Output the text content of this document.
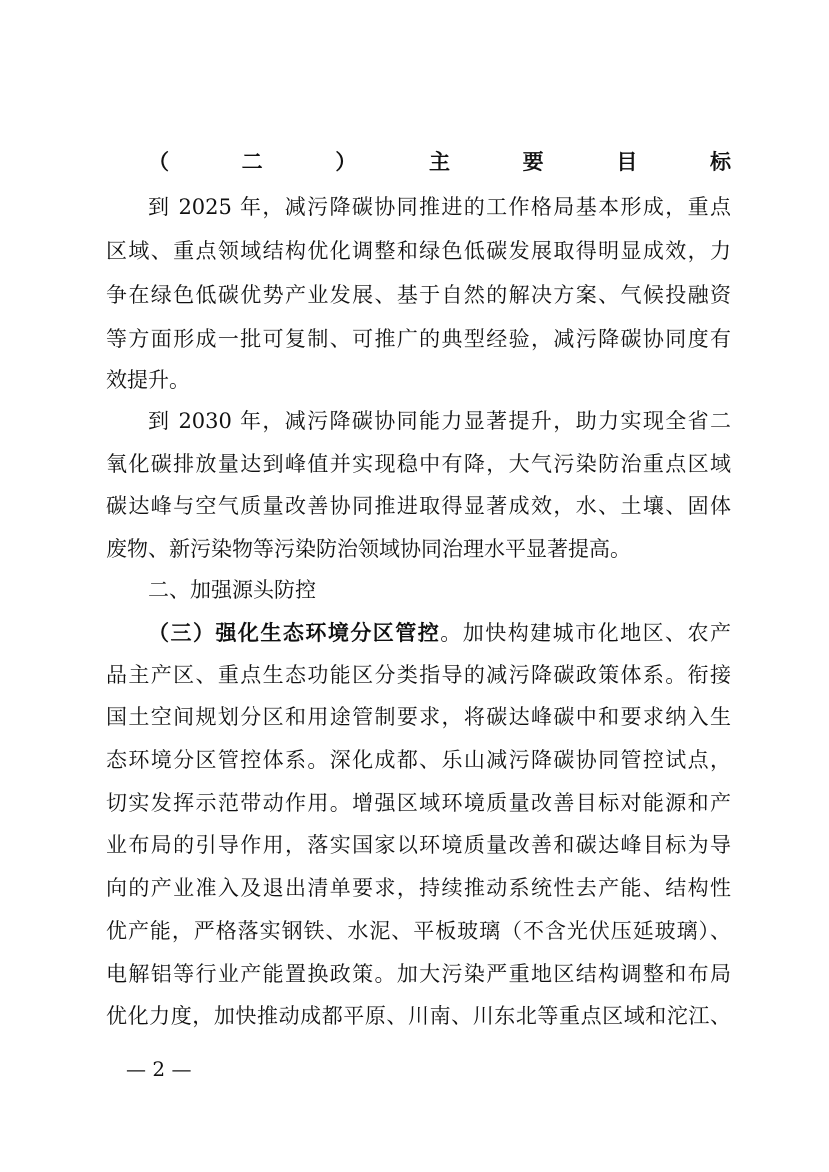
（二）主要目标
到 2025 年，减污降碳协同推进的工作格局基本形成，重点
区域、重点领域结构优化调整和绿色低碳发展取得明显成效，力
争在绿色低碳优势产业发展、基于自然的解决方案、气候投融资
等方面形成一批可复制、可推广的典型经验，减污降碳协同度有
效提升。
到 2030 年，减污降碳协同能力显著提升，助力实现全省二
氧化碳排放量达到峰值并实现稳中有降，大气污染防治重点区域
碳达峰与空气质量改善协同推进取得显著成效，水、土壤、固体
废物、新污染物等污染防治领域协同治理水平显著提高。
二、加强源头防控
（三）强化生态环境分区管控。加快构建城市化地区、农产
品主产区、重点生态功能区分类指导的减污降碳政策体系。衔接
国土空间规划分区和用途管制要求，将碳达峰碳中和要求纳入生
态环境分区管控体系。深化成都、乐山减污降碳协同管控试点，
切实发挥示范带动作用。增强区域环境质量改善目标对能源和产
业布局的引导作用，落实国家以环境质量改善和碳达峰目标为导
向的产业准入及退出清单要求，持续推动系统性去产能、结构性
优产能，严格落实钢铁、水泥、平板玻璃（不含光伏压延玻璃）、
电解铝等行业产能置换政策。加大污染严重地区结构调整和布局
优化力度，加快推动成都平原、川南、川东北等重点区域和沱江、
— 2 —
